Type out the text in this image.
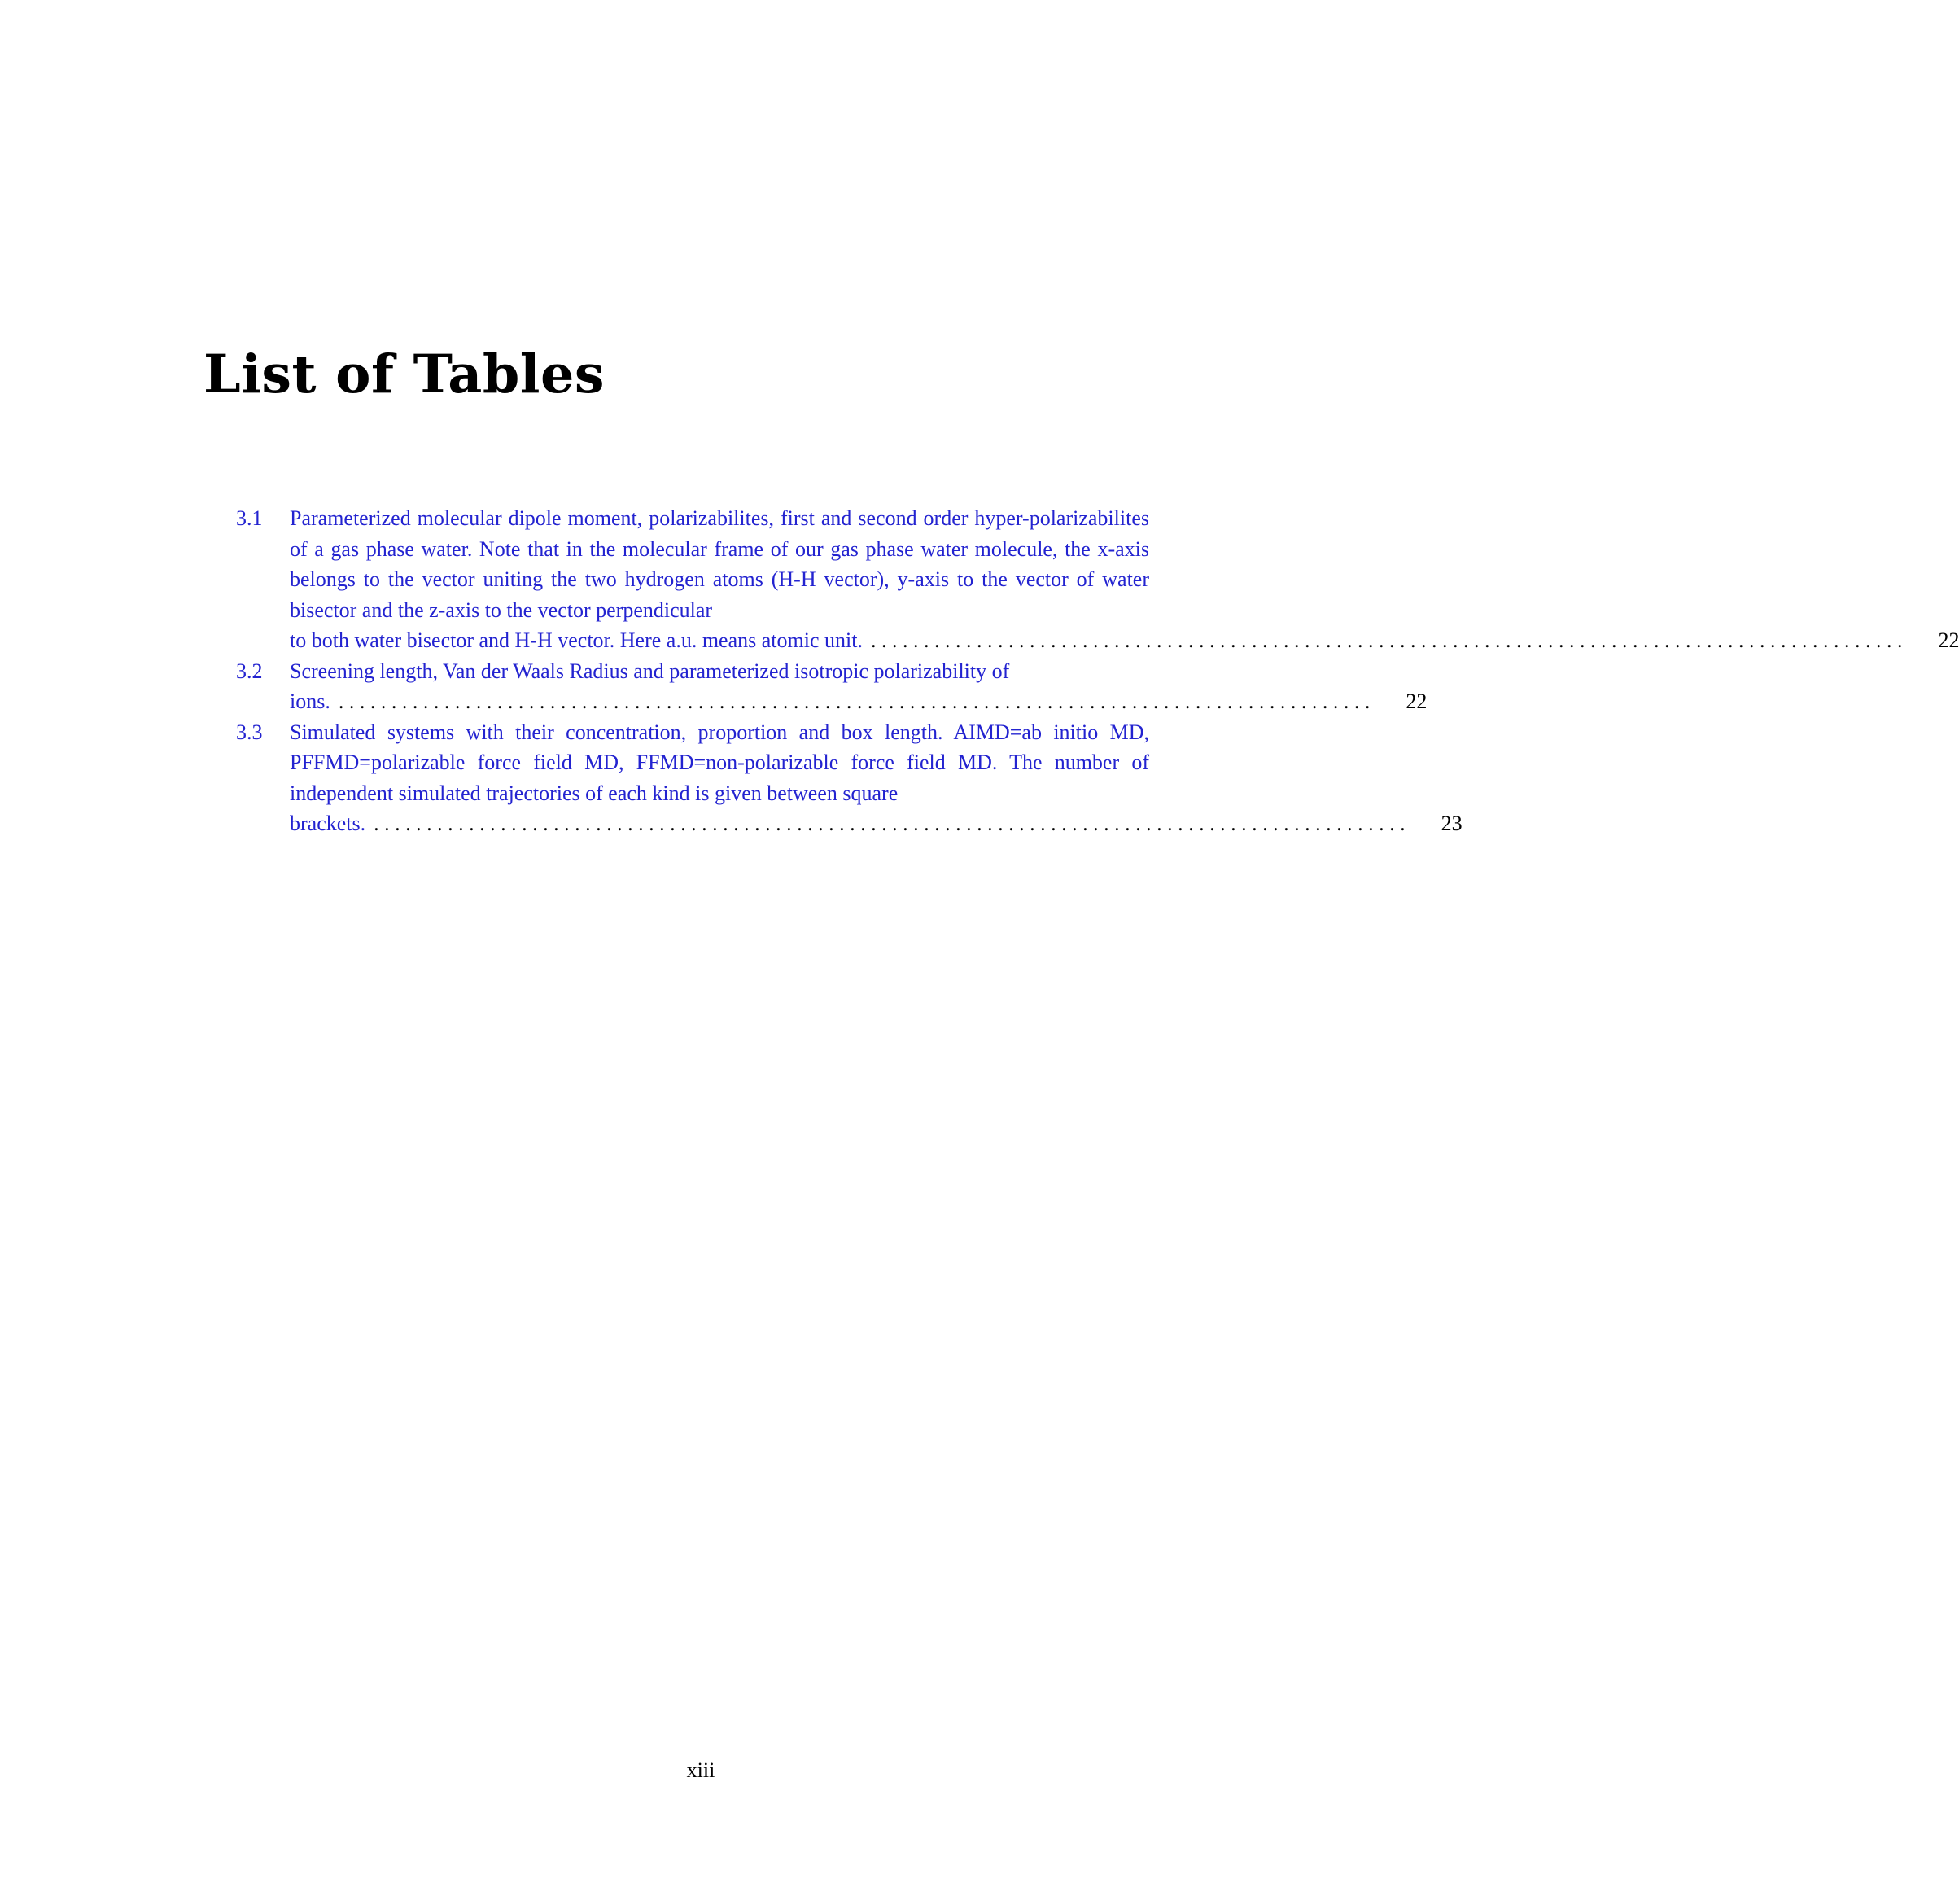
List of Tables
3.1	Parameterized molecular dipole moment, polarizabilites, first and second order hyper-polarizabilites of a gas phase water. Note that in the molecular frame of our gas phase water molecule, the x-axis belongs to the vector uniting the two hydrogen atoms (H-H vector), y-axis to the vector of water bisector and the z-axis to the vector perpendicular
to both water bisector and H-H vector. Here a.u. means atomic unit. . . . . . . . . . . . . . . . . . . . . . . . . . . . . . . . . . . . . . . . . . . . . . . . . . . . . . . . . . . . . . . . . . . . . . . . . . . . . . . . . . . . . . . . . . . . . . . . . . .	22
3.2	Screening length, Van der Waals Radius and parameterized isotropic polarizability of
ions. . . . . . . . . . . . . . . . . . . . . . . . . . . . . . . . . . . . . . . . . . . . . . . . . . . . . . . . . . . . . . . . . . . . . . . . . . . . . . . . . . . . . . . . . . . . . . . . . . .	22
3.3	Simulated systems with their concentration, proportion and box length. AIMD=ab initio MD, PFFMD=polarizable force field MD, FFMD=non-polarizable force field MD. The number of independent simulated trajectories of each kind is given between square
brackets. . . . . . . . . . . . . . . . . . . . . . . . . . . . . . . . . . . . . . . . . . . . . . . . . . . . . . . . . . . . . . . . . . . . . . . . . . . . . . . . . . . . . . . . . . . . . . . . . . .	23
xiii
